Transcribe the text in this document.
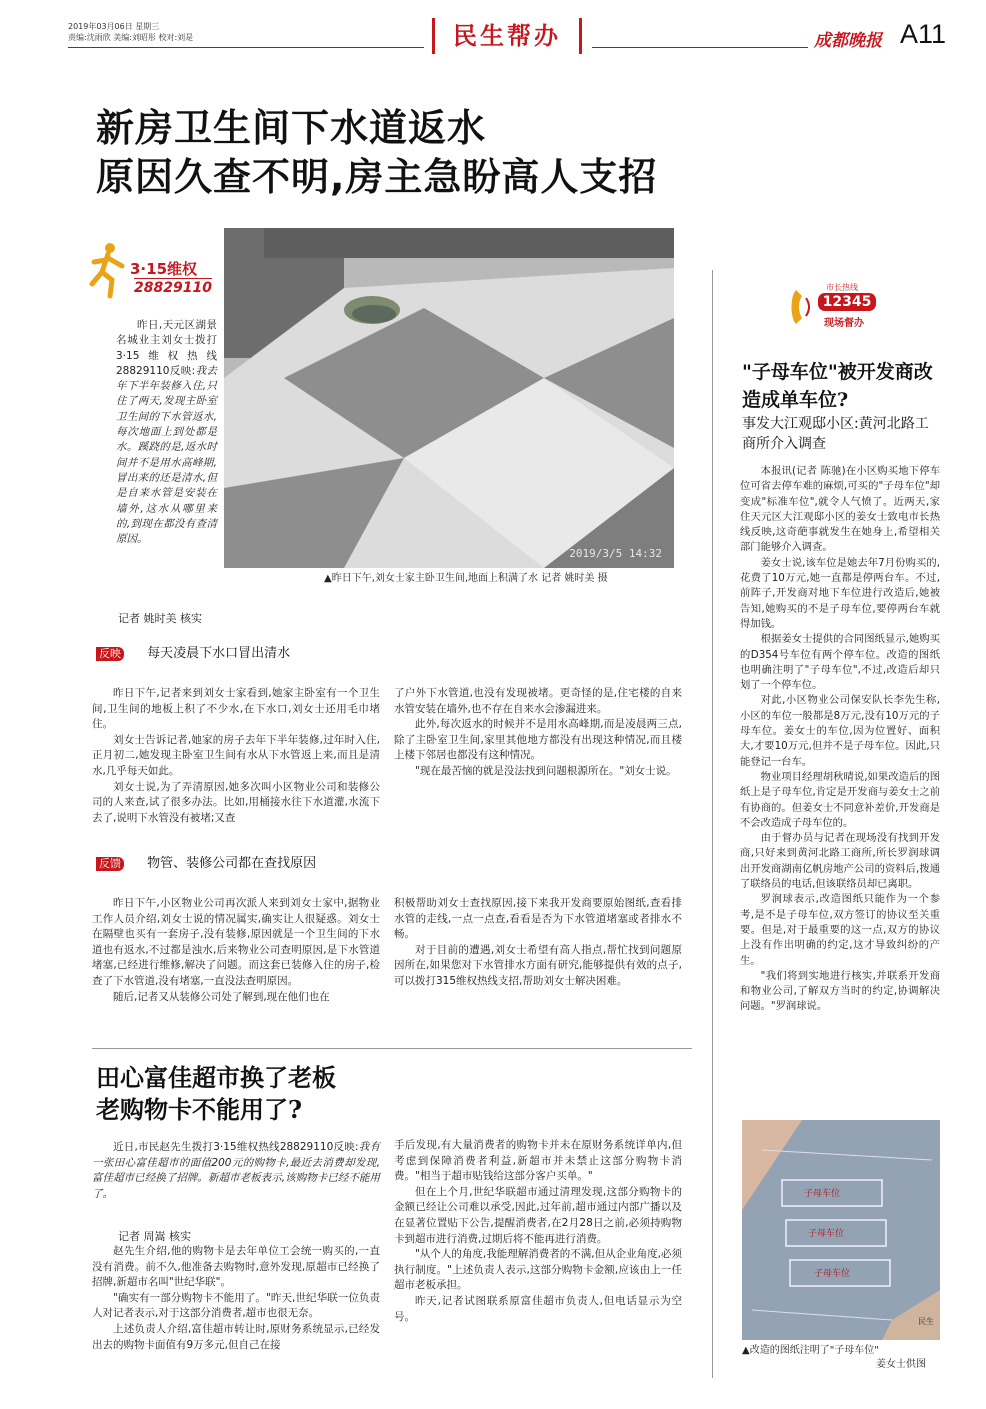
2019年03月06日 星期三
责编:沈雨欣 美编:刘昭彤 校对:刘是	民生帮办	成都晚报 A11
新房卫生间下水道返水
原因久查不明,房主急盼高人支招
3·15维权
28829110
昨日,天元区湖景名城业主刘女士拨打3·15维权热线28829110反映:我去年下半年装修入住,只住了两天,发现主卧室卫生间的下水管返水,每次地面上到处都是水。蹊跷的是,返水时间并不是用水高峰期,冒出来的还是清水,但是自来水管是安装在墙外,这水从哪里来的,到现在都没有查清原因。
2019/3/5 14:32
▲昨日下午,刘女士家主卧卫生间,地面上积满了水 记者 姚时美 摄
记者 姚时美 核实
反映 每天凌晨下水口冒出清水

昨日下午,记者来到刘女士家看到,她家主卧室有一个卫生间,卫生间的地板上积了不少水,在下水口,刘女士还用毛巾堵住。

刘女士告诉记者,她家的房子去年下半年装修,过年时入住,正月初二,她发现主卧室卫生间有水从下水管返上来,而且是清水,几乎每天如此。

刘女士说,为了弄清原因,她多次叫小区物业公司和装修公司的人来查,试了很多办法。比如,用桶接水往下水道灌,水流下去了,说明下水管没有被堵;又查

了户外下水管道,也没有发现被堵。更奇怪的是,住宅楼的自来水管安装在墙外,也不存在自来水会渗漏进来。

此外,每次返水的时候并不是用水高峰期,而是凌晨两三点,除了主卧室卫生间,家里其他地方都没有出现这种情况,而且楼上楼下邻居也都没有这种情况。

"现在最苦恼的就是没法找到问题根源所在。"刘女士说。

反馈 物管、装修公司都在查找原因

昨日下午,小区物业公司再次派人来到刘女士家中,据物业工作人员介绍,刘女士说的情况属实,确实让人很疑惑。刘女士在隔壁也买有一套房子,没有装修,原因就是一个卫生间的下水道也有返水,不过都是浊水,后来物业公司查明原因,是下水管道堵塞,已经进行维修,解决了问题。而这套已装修入住的房子,检查了下水管道,没有堵塞,一直没法查明原因。

随后,记者又从装修公司处了解到,现在他们也在

积极帮助刘女士查找原因,接下来我开发商要原始图纸,查看排水管的走线,一点一点查,看看是否为下水管道堵塞或者排水不畅。

对于目前的遭遇,刘女士希望有高人指点,帮忙找到问题原因所在,如果您对下水管排水方面有研究,能够提供有效的点子,可以拨打315维权热线支招,帮助刘女士解决困难。

田心富佳超市换了老板
老购物卡不能用了?
近日,市民赵先生拨打3·15维权热线28829110反映:我有一张田心富佳超市的面值200元的购物卡,最近去消费却发现,富佳超市已经换了招牌。新超市老板表示,该购物卡已经不能用了。
记者 周嵩 核实

赵先生介绍,他的购物卡是去年单位工会统一购买的,一直没有消费。前不久,他准备去购物时,意外发现,原超市已经换了招牌,新超市名叫"世纪华联"。

"确实有一部分购物卡不能用了。"昨天,世纪华联一位负责人对记者表示,对于这部分消费者,超市也很无奈。

上述负责人介绍,富佳超市转让时,原财务系统显示,已经发出去的购物卡面值有9万多元,但自己在接

手后发现,有大量消费者的购物卡并未在原财务系统详单内,但考虑到保障消费者利益,新超市并未禁止这部分购物卡消费。"相当于超市贴钱给这部分客户买单。"

但在上个月,世纪华联超市通过清理发现,这部分购物卡的金额已经让公司难以承受,因此,过年前,超市通过内部广播以及在显著位置贴下公告,提醒消费者,在2月28日之前,必须持购物卡到超市进行消费,过期后将不能再进行消费。

"从个人的角度,我能理解消费者的不满,但从企业角度,必须执行制度。"上述负责人表示,这部分购物卡金额,应该由上一任超市老板承担。

昨天,记者试图联系原富佳超市负责人,但电话显示为空号。

市长热线
12345
现场督办
"子母车位"被开发商改造成单车位?
事发大江观邸小区:黄河北路工商所介入调查

本报讯(记者 陈驰)在小区购买地下停车位可省去停车难的麻烦,可买的"子母车位"却变成"标准车位",就令人气愤了。近两天,家住天元区大江观邸小区的姜女士致电市长热线反映,这奇葩事就发生在她身上,希望相关部门能够介入调查。

姜女士说,该车位是她去年7月份购买的,花费了10万元,她一直都是停两台车。不过,前阵子,开发商对地下车位进行改造后,她被告知,她购买的不是子母车位,要停两台车就得加钱。

根据姜女士提供的合同图纸显示,她购买的D354号车位有两个停车位。改造的图纸也明确注明了"子母车位",不过,改造后却只划了一个停车位。

对此,小区物业公司保安队长李先生称,小区的车位一般都是8万元,没有10万元的子母车位。姜女士的车位,因为位置好、面积大,才要10万元,但并不是子母车位。因此,只能登记一台车。

物业项目经理胡秋晴说,如果改造后的图纸上是子母车位,肯定是开发商与姜女士之前有协商的。但姜女士不同意补差价,开发商是不会改造成子母车位的。

由于督办员与记者在现场没有找到开发商,只好来到黄河北路工商所,所长罗润球调出开发商湖南亿帆房地产公司的资料后,拨通了联络员的电话,但该联络员却已离职。

罗润球表示,改造图纸只能作为一个参考,是不是子母车位,双方签订的协议至关重要。但是,对于最重要的这一点,双方的协议上没有作出明确的约定,这才导致纠纷的产生。

"我们将到实地进行核实,并联系开发商和物业公司,了解双方当时的约定,协调解决问题。"罗润球说。

子母车位
子母车位
子母车位
民生
▲改造的图纸注明了"子母车位"
姜女士供图
